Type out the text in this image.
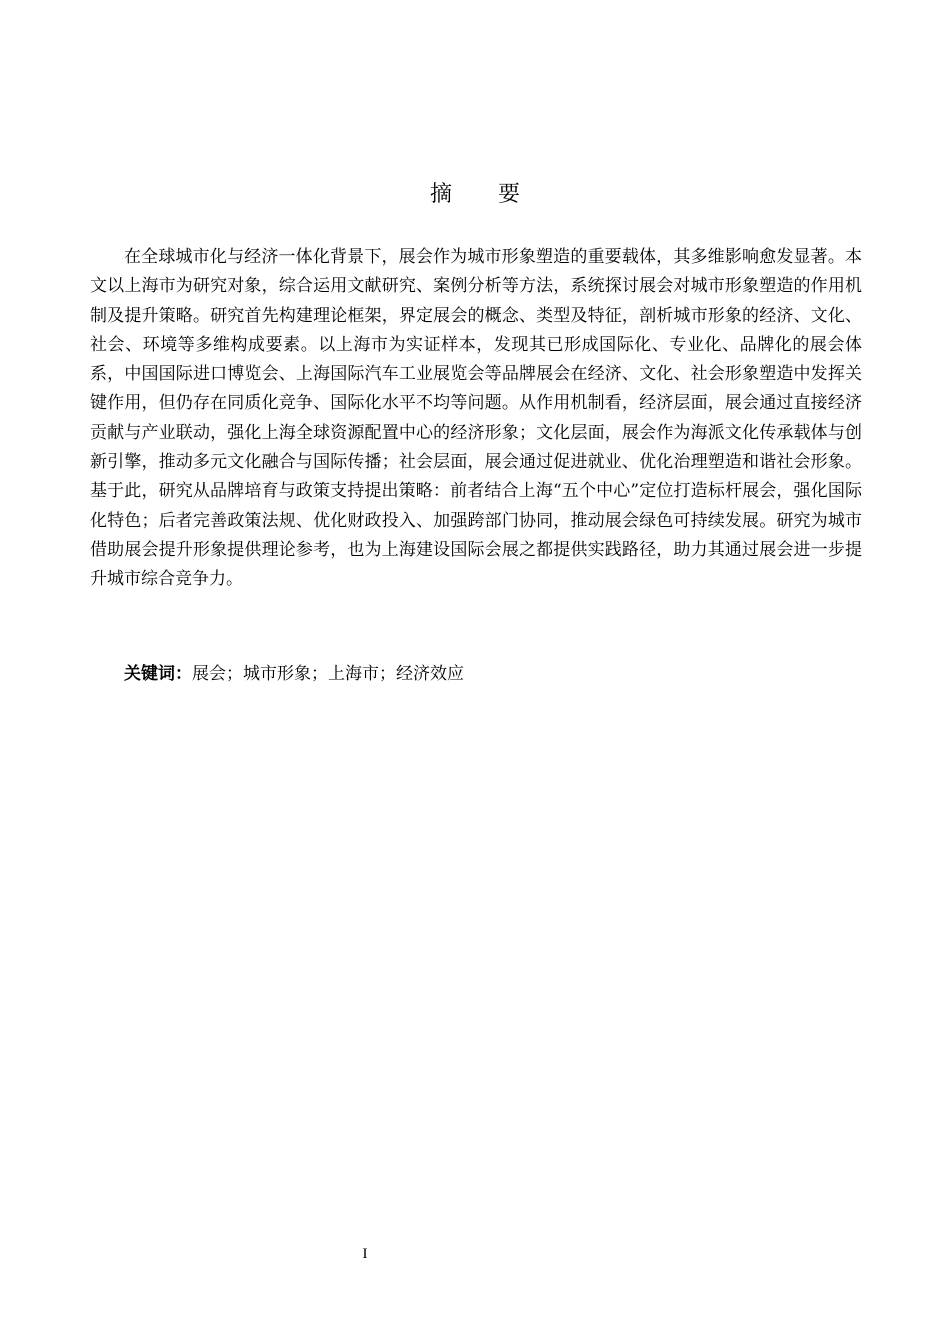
摘 要

在全球城市化与经济一体化背景下，展会作为城市形象塑造的重要载体，其多维影响愈发显著。本文以上海市为研究对象，综合运用文献研究、案例分析等方法，系统探讨展会对城市形象塑造的作用机制及提升策略。研究首先构建理论框架，界定展会的概念、类型及特征，剖析城市形象的经济、文化、社会、环境等多维构成要素。以上海市为实证样本，发现其已形成国际化、专业化、品牌化的展会体系，中国国际进口博览会、上海国际汽车工业展览会等品牌展会在经济、文化、社会形象塑造中发挥关键作用，但仍存在同质化竞争、国际化水平不均等问题。从作用机制看，经济层面，展会通过直接经济贡献与产业联动，强化上海全球资源配置中心的经济形象；文化层面，展会作为海派文化传承载体与创新引擎，推动多元文化融合与国际传播；社会层面，展会通过促进就业、优化治理塑造和谐社会形象。基于此，研究从品牌培育与政策支持提出策略：前者结合上海“五个中心”定位打造标杆展会，强化国际化特色；后者完善政策法规、优化财政投入、加强跨部门协同，推动展会绿色可持续发展。研究为城市借助展会提升形象提供理论参考，也为上海建设国际会展之都提供实践路径，助力其通过展会进一步提升城市综合竞争力。

关键词：展会；城市形象；上海市；经济效应

I
